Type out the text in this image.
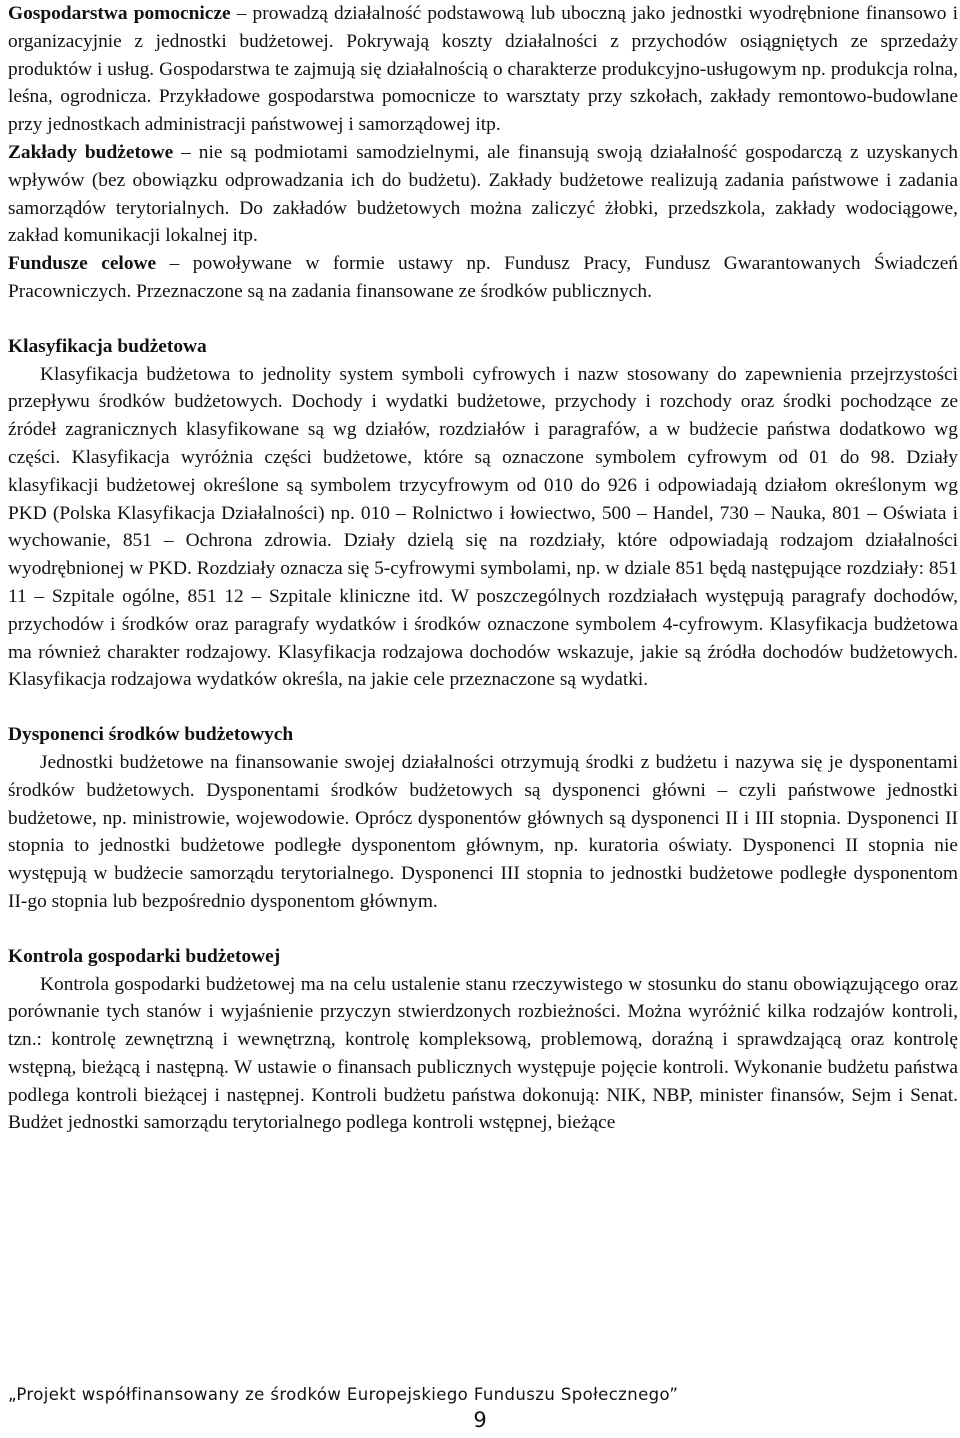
Gospodarstwa pomocnicze – prowadzą działalność podstawową lub uboczną jako jednostki wyodrębnione finansowo i organizacyjnie z jednostki budżetowej. Pokrywają koszty działalności z przychodów osiągniętych ze sprzedaży produktów i usług. Gospodarstwa te zajmują się działalnością o charakterze produkcyjno-usługowym np. produkcja rolna, leśna, ogrodnicza. Przykładowe gospodarstwa pomocnicze to warsztaty przy szkołach, zakłady remontowo-budowlane przy jednostkach administracji państwowej i samorządowej itp.

Zakłady budżetowe – nie są podmiotami samodzielnymi, ale finansują swoją działalność gospodarczą z uzyskanych wpływów (bez obowiązku odprowadzania ich do budżetu). Zakłady budżetowe realizują zadania państwowe i zadania samorządów terytorialnych. Do zakładów budżetowych można zaliczyć żłobki, przedszkola, zakłady wodociągowe, zakład komunikacji lokalnej itp.

Fundusze celowe – powoływane w formie ustawy np. Fundusz Pracy, Fundusz Gwarantowanych Świadczeń Pracowniczych. Przeznaczone są na zadania finansowane ze środków publicznych.

Klasyfikacja budżetowa

Klasyfikacja budżetowa to jednolity system symboli cyfrowych i nazw stosowany do zapewnienia przejrzystości przepływu środków budżetowych. Dochody i wydatki budżetowe, przychody i rozchody oraz środki pochodzące ze źródeł zagranicznych klasyfikowane są wg działów, rozdziałów i paragrafów, a w budżecie państwa dodatkowo wg części. Klasyfikacja wyróżnia części budżetowe, które są oznaczone symbolem cyfrowym od 01 do 98. Działy klasyfikacji budżetowej określone są symbolem trzycyfrowym od 010 do 926 i odpowiadają działom określonym wg PKD (Polska Klasyfikacja Działalności) np. 010 – Rolnictwo i łowiectwo, 500 – Handel, 730 – Nauka, 801 – Oświata i wychowanie, 851 – Ochrona zdrowia. Działy dzielą się na rozdziały, które odpowiadają rodzajom działalności wyodrębnionej w PKD. Rozdziały oznacza się 5-cyfrowymi symbolami, np. w dziale 851 będą następujące rozdziały: 851 11 – Szpitale ogólne, 851 12 – Szpitale kliniczne itd. W poszczególnych rozdziałach występują paragrafy dochodów, przychodów i środków oraz paragrafy wydatków i środków oznaczone symbolem 4-cyfrowym. Klasyfikacja budżetowa ma również charakter rodzajowy. Klasyfikacja rodzajowa dochodów wskazuje, jakie są źródła dochodów budżetowych. Klasyfikacja rodzajowa wydatków określa, na jakie cele przeznaczone są wydatki.

Dysponenci środków budżetowych

Jednostki budżetowe na finansowanie swojej działalności otrzymują środki z budżetu i nazywa się je dysponentami środków budżetowych. Dysponentami środków budżetowych są dysponenci główni – czyli państwowe jednostki budżetowe, np. ministrowie, wojewodowie. Oprócz dysponentów głównych są dysponenci II i III stopnia. Dysponenci II stopnia to jednostki budżetowe podległe dysponentom głównym, np. kuratoria oświaty. Dysponenci II stopnia nie występują w budżecie samorządu terytorialnego. Dysponenci III stopnia to jednostki budżetowe podległe dysponentom II-go stopnia lub bezpośrednio dysponentom głównym.

Kontrola gospodarki budżetowej

Kontrola gospodarki budżetowej ma na celu ustalenie stanu rzeczywistego w stosunku do stanu obowiązującego oraz porównanie tych stanów i wyjaśnienie przyczyn stwierdzonych rozbieżności. Można wyróżnić kilka rodzajów kontroli, tzn.: kontrolę zewnętrzną i wewnętrzną, kontrolę kompleksową, problemową, doraźną i sprawdzającą oraz kontrolę wstępną, bieżącą i następną. W ustawie o finansach publicznych występuje pojęcie kontroli. Wykonanie budżetu państwa podlega kontroli bieżącej i następnej. Kontroli budżetu państwa dokonują: NIK, NBP, minister finansów, Sejm i Senat. Budżet jednostki samorządu terytorialnego podlega kontroli wstępnej, bieżące

„Projekt współfinansowany ze środków Europejskiego Funduszu Społecznego”
9
